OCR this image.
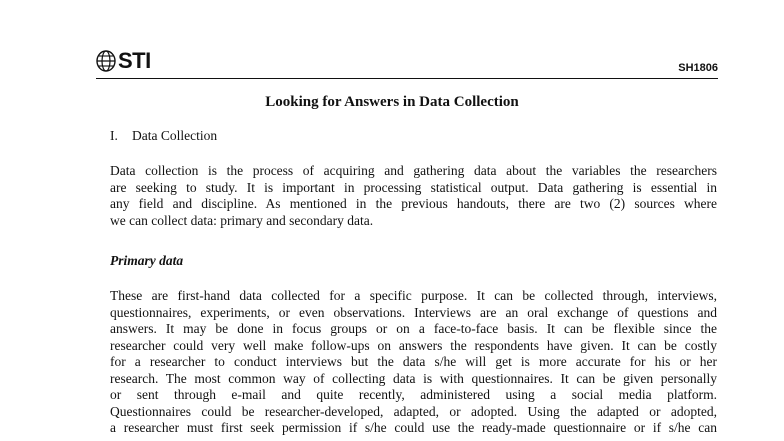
STI	SH1806
Looking for Answers in Data Collection
I. Data Collection
Data collection is the process of acquiring and gathering data about the variables the researchers
are seeking to study. It is important in processing statistical output. Data gathering is essential in
any field and discipline. As mentioned in the previous handouts, there are two (2) sources where
we can collect data: primary and secondary data.
Primary data
These are first-hand data collected for a specific purpose. It can be collected through, interviews,
questionnaires, experiments, or even observations. Interviews are an oral exchange of questions and
answers. It may be done in focus groups or on a face-to-face basis. It can be flexible since the
researcher could very well make follow-ups on answers the respondents have given. It can be costly
for a researcher to conduct interviews but the data s/he will get is more accurate for his or her
research. The most common way of collecting data is with questionnaires. It can be given personally
or sent through e-mail and quite recently, administered using a social media platform.
Questionnaires could be researcher-developed, adapted, or adopted. Using the adapted or adopted,
a researcher must first seek permission if s/he could use the ready-made questionnaire or if s/he can
